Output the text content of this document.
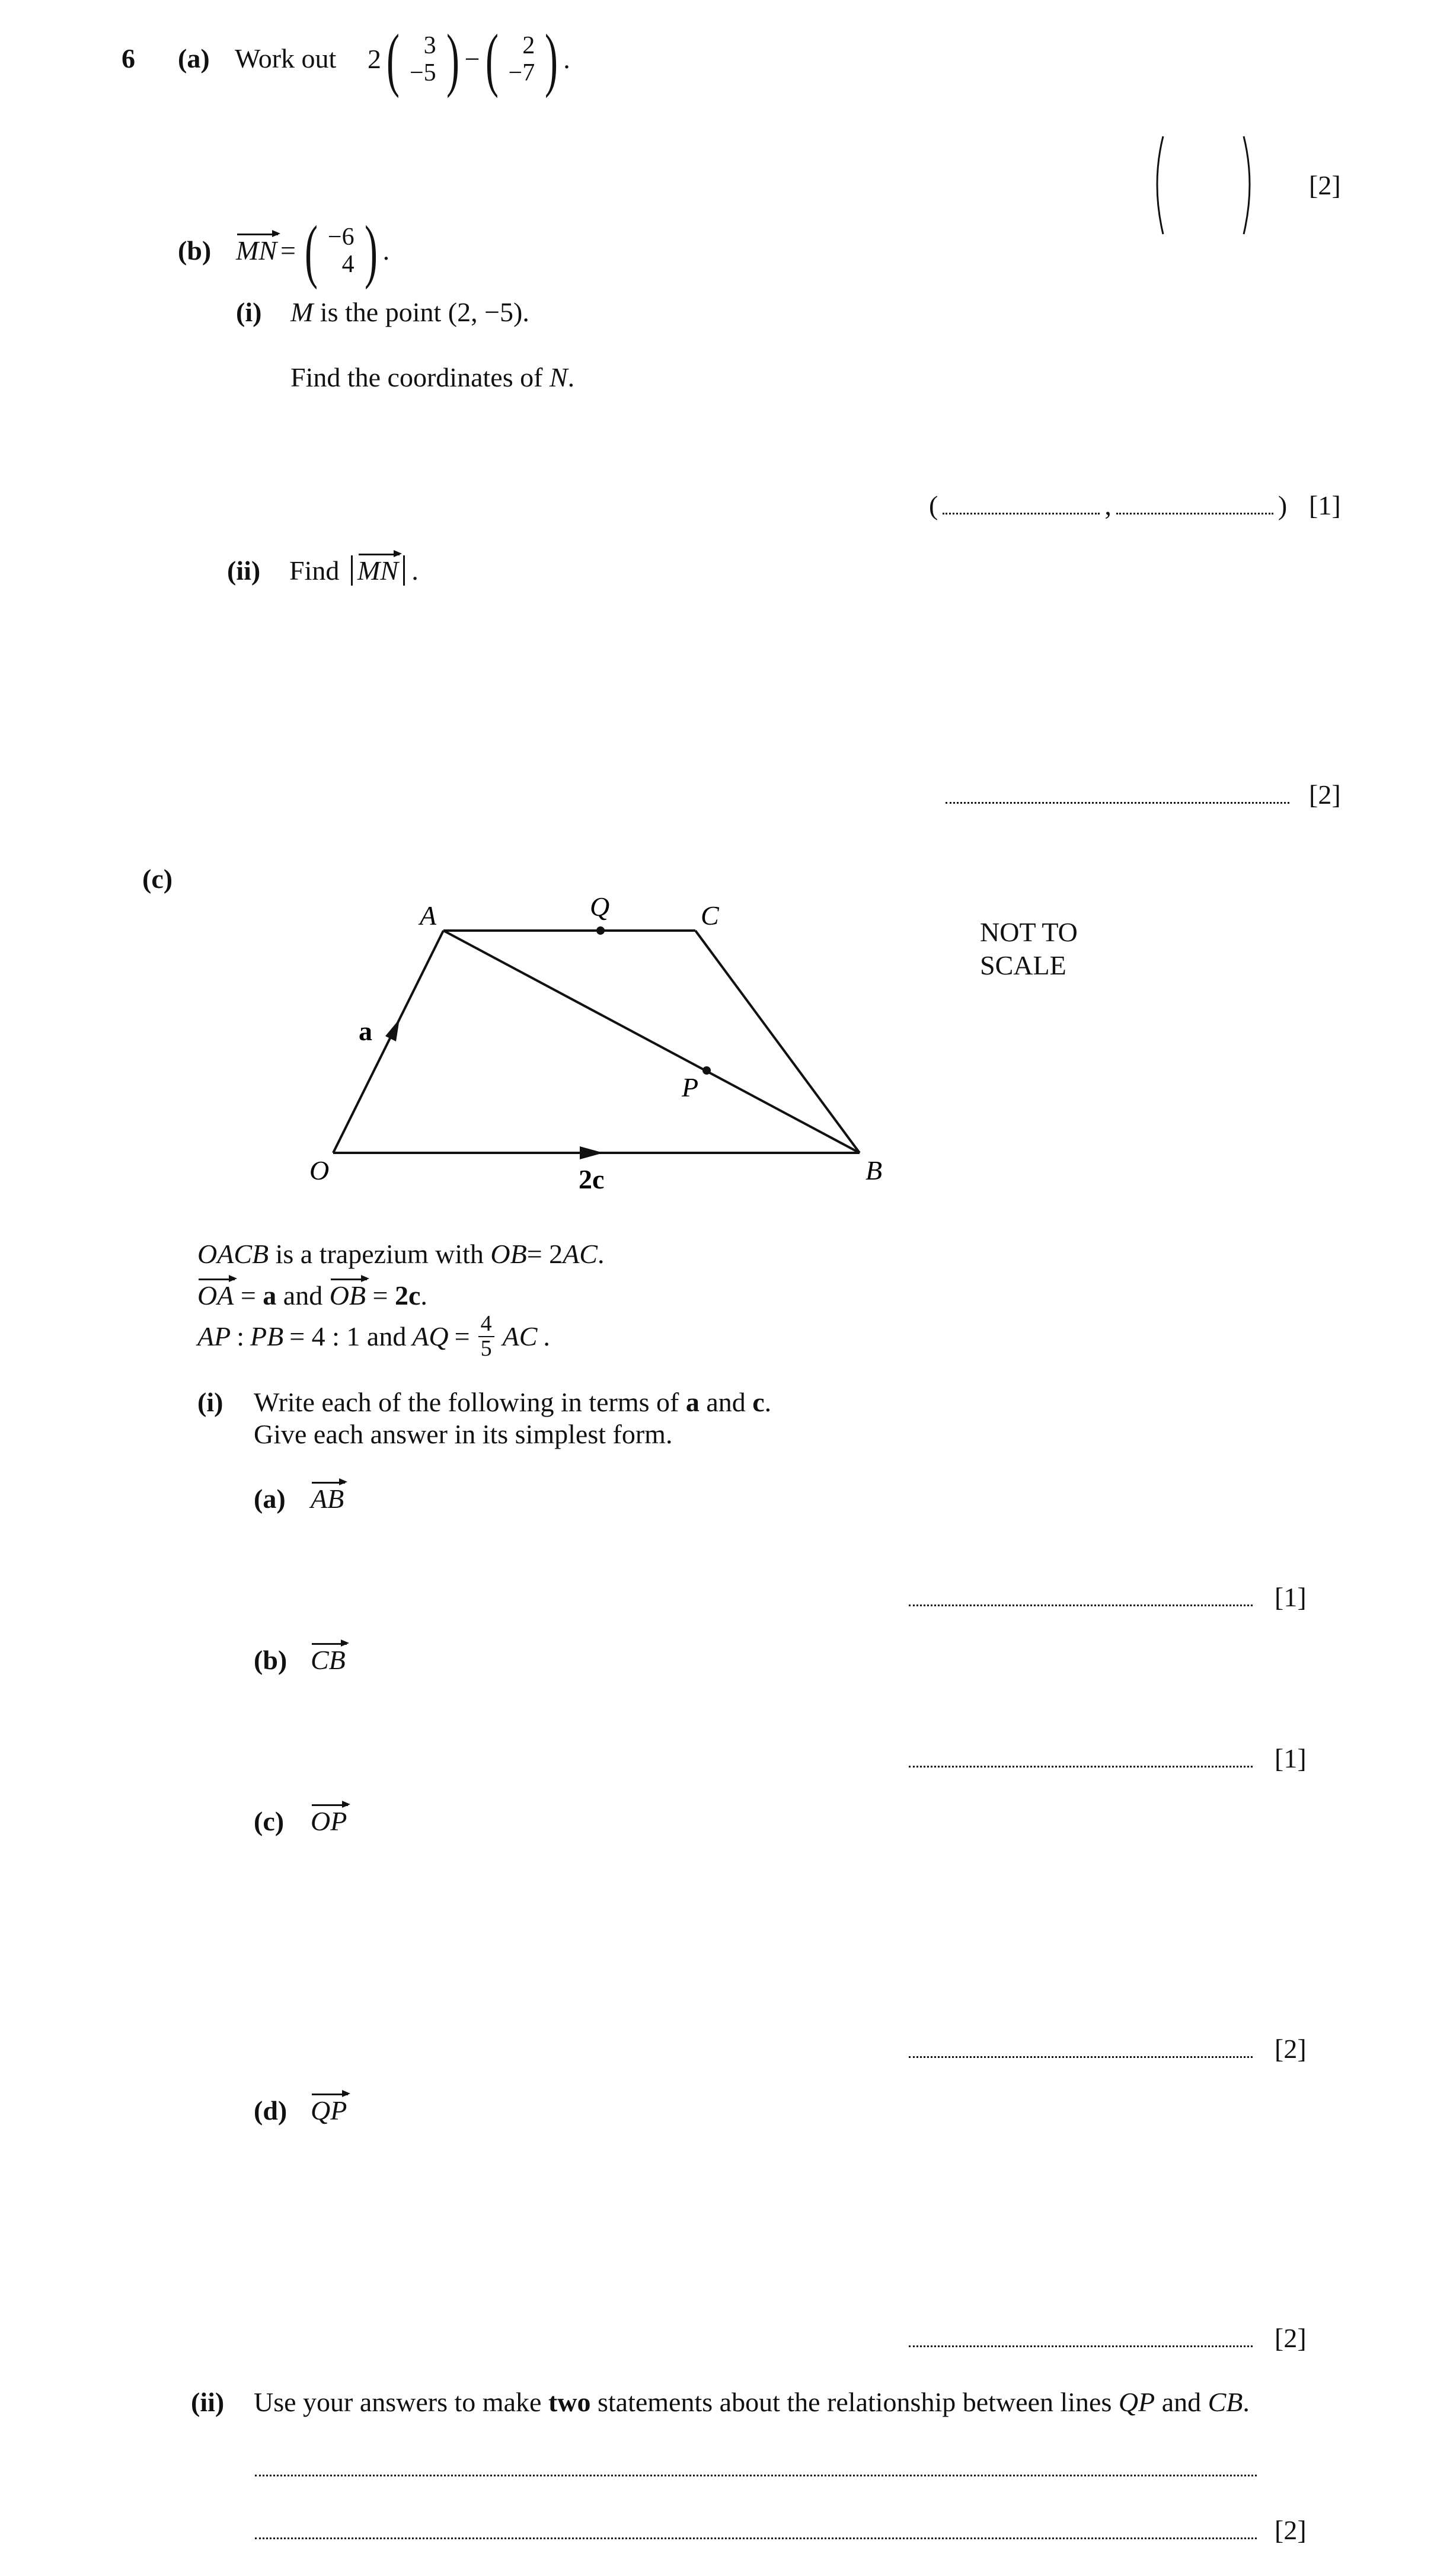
6 (a) Work out 2 ( 3
−5 ) − ( 2
−7 ) .
[2]
(b) MN = ( −6
4 ) .
(i) M is the point (2, −5).
Find the coordinates of N.
(	,	) [1]
(ii) Find MN .
[2]
(c)
A	Q	C
P
O	B
a
2c
NOT TO
SCALE
OACB is a trapezium with OB= 2AC.
OA = a and OB = 2c.
AP : PB = 4 : 1 and AQ = $\frac{4}{5}$ AC .
(i) Write each of the following in terms of a and c.
Give each answer in its simplest form.
(a) AB
[1]
(b) CB
[1]
(c) OP
[2]
(d) QP
[2]
(ii) Use your answers to make two statements about the relationship between lines QP and CB.
[2]
